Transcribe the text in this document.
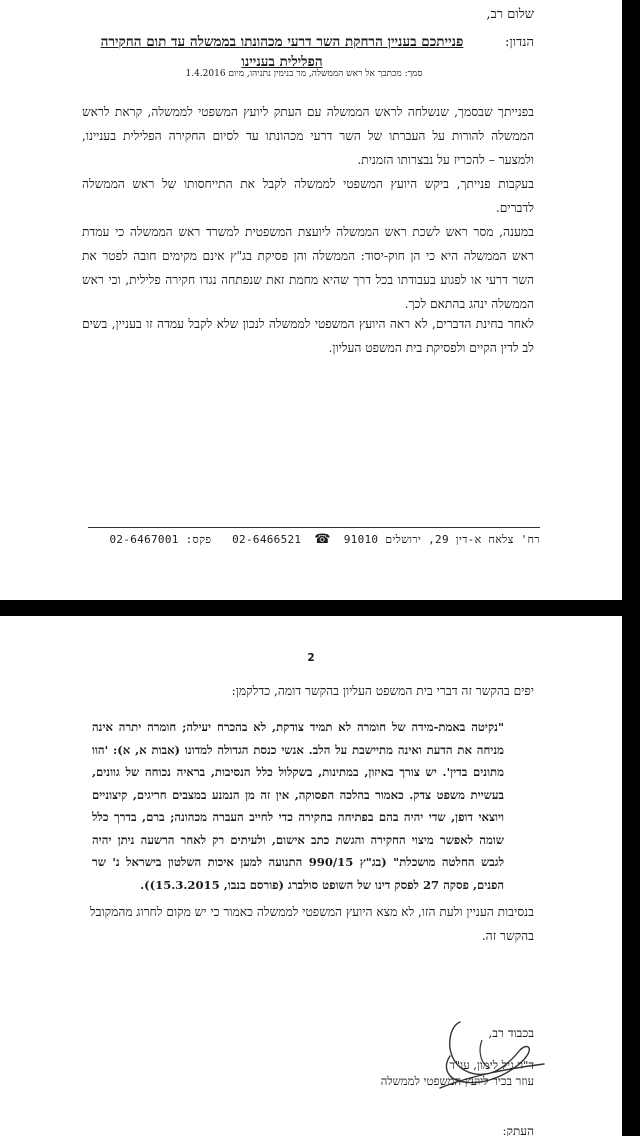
שלום רב,
הנדון:
פנייתכם בעניין הרחקת השר דרעי מכהונתו בממשלה עד תום החקירה הפלילית בעניינו
סמך: מכתבך אל ראש הממשלה, מר בנימין נתניהו, מיום 1.4.2016
בפנייתך שבסמך, שנשלחה לראש הממשלה עם העתק ליועץ המשפטי לממשלה, קראת לראש הממשלה להורות על העברתו של השר דרעי מכהונתו עד לסיום החקירה הפלילית בעניינו, ולמצער – להכריז על נבצרותו הזמנית.
בעקבות פנייתך, ביקש היועץ המשפטי לממשלה לקבל את התייחסותו של ראש הממשלה לדברים.
במענה, מסר ראש לשכת ראש הממשלה ליועצת המשפטית למשרד ראש הממשלה כי עמדת ראש הממשלה היא כי הן חוק-יסוד: הממשלה והן פסיקת בג"ץ אינם מקימים חובה לפטר את השר דרעי או לפגוע בעבודתו בכל דרך שהיא מחמת זאת שנפתחה נגדו חקירה פלילית, וכי ראש הממשלה ינהג בהתאם לכך.
לאחר בחינת הדברים, לא ראה היועץ המשפטי לממשלה לנכון שלא לקבל עמדה זו בעניין, בשים לב לדין הקיים ולפסיקת בית המשפט העליון.
רח' צלאח א-דין 29, ירושלים 91010 ☎ 02-6466521   פקס: 02-6467001
2
יפים בהקשר זה דברי בית המשפט העליון בהקשר דומה, כדלקמן:
"נקיטה באמת-מידה של חומרה לא תמיד צודקת, לא בהכרח יעילה; חומרה יתרה אינה מניחה את הדעת ואינה מתיישבת על הלב. אנשי כנסת הגדולה למדונו (אבות א, א): 'הוו מתונים בדין'. יש צורך באיזון, במתינות, בשקלול כלל הנסיבות, בראיה נכוחה של גוונים, בעשיית משפט צדק. כאמור בהלכה הפסוקה, אין זה מן הנמנע במצבים חריגים, קיצוניים ויוצאי דופן, שדי יהיה בהם בפתיחה בחקירה כדי לחייב העברה מכהונה; ברם, בדרך כלל שומה לאפשר מיצוי החקירה והגשת כתב אישום, ולעיתים רק לאחר הרשעה ניתן יהיה לגבש החלטה מושכלת" (בג"ץ 990/15 התנועה למען איכות השלטון בישראל נ' שר הפנים, פסקה 27 לפסק דינו של השופט סולברג (פורסם בנבו, 15.3.2015)).
בנסיבות העניין ולעת הזו, לא מצא היועץ המשפטי לממשלה כאמור כי יש מקום לחרוג מהמקובל בהקשר זה.
בכבוד רב,
ד"ר גיל לימון, עו"ד
עוזר בכיר ליועץ המשפטי לממשלה
העתק:
